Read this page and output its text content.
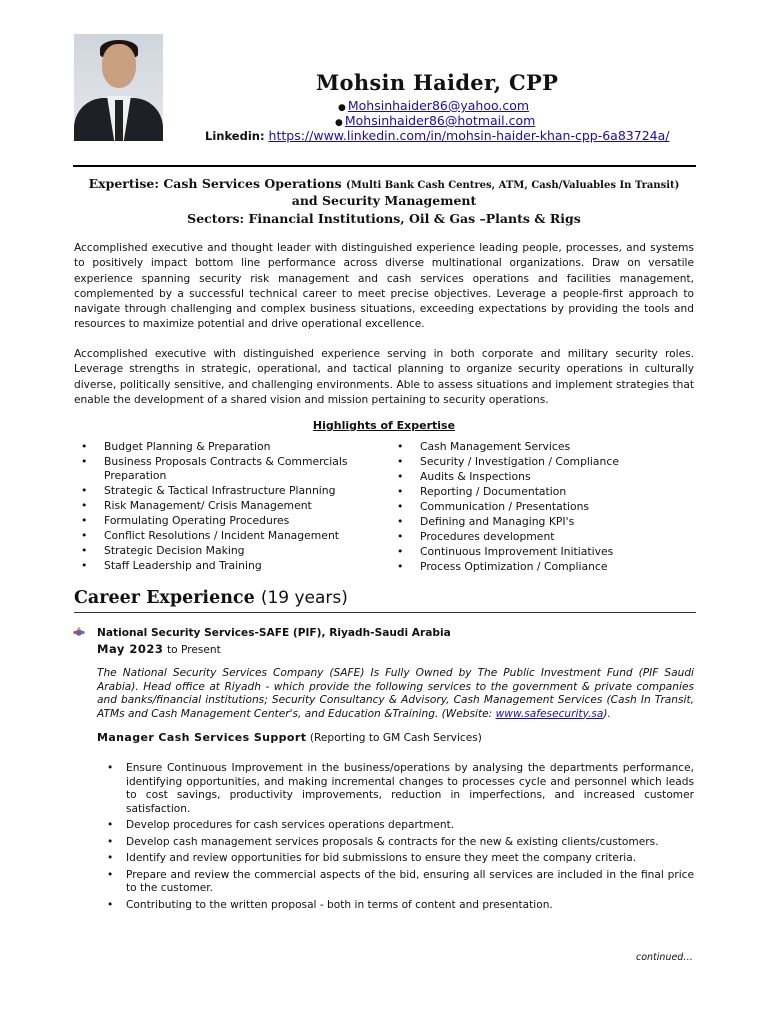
Mohsin Haider, CPP
● Mohsinhaider86@yahoo.com
● Mohsinhaider86@hotmail.com
Linkedin: https://www.linkedin.com/in/mohsin-haider-khan-cpp-6a83724a/
Expertise: Cash Services Operations (Multi Bank Cash Centres, ATM, Cash/Valuables In Transit)
and Security Management
Sectors: Financial Institutions, Oil & Gas –Plants & Rigs
Accomplished executive and thought leader with distinguished experience leading people, processes, and systems to positively impact bottom line performance across diverse multinational organizations. Draw on versatile experience spanning security risk management and cash services operations and facilities management, complemented by a successful technical career to meet precise objectives. Leverage a people-first approach to navigate through challenging and complex business situations, exceeding expectations by providing the tools and resources to maximize potential and drive operational excellence.
Accomplished executive with distinguished experience serving in both corporate and military security roles. Leverage strengths in strategic, operational, and tactical planning to organize security operations in culturally diverse, politically sensitive, and challenging environments. Able to assess situations and implement strategies that enable the development of a shared vision and mission pertaining to security operations.
Highlights of Expertise
• Budget Planning & Preparation
• Business Proposals Contracts & Commercials Preparation
• Strategic & Tactical Infrastructure Planning
• Risk Management/ Crisis Management
• Formulating Operating Procedures
• Conflict Resolutions / Incident Management
• Strategic Decision Making
• Staff Leadership and Training
• Cash Management Services
• Security / Investigation / Compliance
• Audits & Inspections
• Reporting / Documentation
• Communication / Presentations
• Defining and Managing KPI's
• Procedures development
• Continuous Improvement Initiatives
• Process Optimization / Compliance
Career Experience (19 years)
National Security Services-SAFE (PIF), Riyadh-Saudi Arabia
May 2023 to Present
The National Security Services Company (SAFE) Is Fully Owned by The Public Investment Fund (PIF Saudi Arabia). Head office at Riyadh - which provide the following services to the government & private companies and banks/financial institutions; Security Consultancy & Advisory, Cash Management Services (Cash In Transit, ATMs and Cash Management Center's, and Education &Training. (Website: www.safesecurity.sa).
Manager Cash Services Support (Reporting to GM Cash Services)
• Ensure Continuous Improvement in the business/operations by analysing the departments performance, identifying opportunities, and making incremental changes to processes cycle and personnel which leads to cost savings, productivity improvements, reduction in imperfections, and increased customer satisfaction.
• Develop procedures for cash services operations department.
• Develop cash management services proposals & contracts for the new & existing clients/customers.
• Identify and review opportunities for bid submissions to ensure they meet the company criteria.
• Prepare and review the commercial aspects of the bid, ensuring all services are included in the final price to the customer.
• Contributing to the written proposal - both in terms of content and presentation.
continued…
